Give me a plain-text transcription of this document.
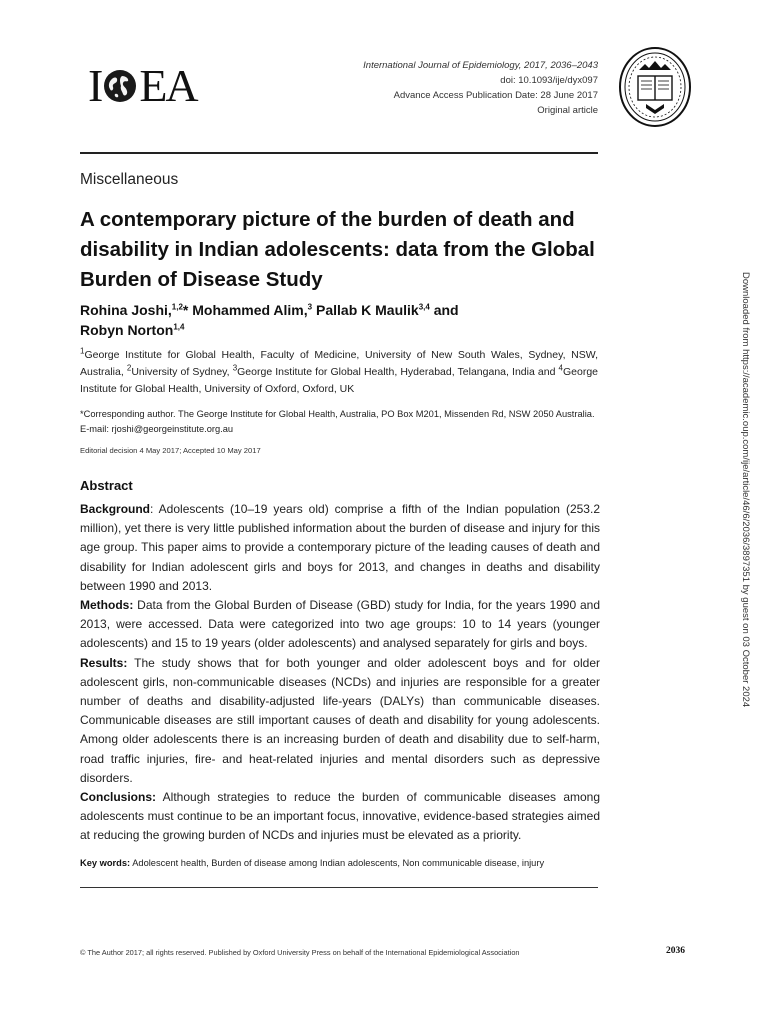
I EA	International Journal of Epidemiology, 2017, 2036–2043
doi: 10.1093/ije/dyx097
Advance Access Publication Date: 28 June 2017
Original article
Miscellaneous
A contemporary picture of the burden of death and disability in Indian adolescents: data from the Global Burden of Disease Study
Rohina Joshi,$^{1,2}$* Mohammed Alim,$^3$ Pallab K Maulik$^{3,4}$ and
Robyn Norton$^{1,4}$
$^1$George Institute for Global Health, Faculty of Medicine, University of New South Wales, Sydney, NSW, Australia, $^2$University of Sydney, $^3$George Institute for Global Health, Hyderabad, Telangana, India and $^4$George Institute for Global Health, University of Oxford, Oxford, UK
*Corresponding author. The George Institute for Global Health, Australia, PO Box M201, Missenden Rd, NSW 2050 Australia. E-mail: rjoshi@georgeinstitute.org.au
Editorial decision 4 May 2017; Accepted 10 May 2017
Abstract

Background: Adolescents (10–19 years old) comprise a fifth of the Indian population (253.2 million), yet there is very little published information about the burden of disease and injury for this age group. This paper aims to provide a contemporary picture of the leading causes of death and disability for Indian adolescent girls and boys for 2013, and changes in deaths and disability between 1990 and 2013.

Methods: Data from the Global Burden of Disease (GBD) study for India, for the years 1990 and 2013, were accessed. Data were categorized into two age groups: 10 to 14 years (younger adolescents) and 15 to 19 years (older adolescents) and analysed separately for girls and boys.

Results: The study shows that for both younger and older adolescent boys and for older adolescent girls, non-communicable diseases (NCDs) and injuries are responsible for a greater number of deaths and disability-adjusted life-years (DALYs) than communicable diseases. Communicable diseases are still important causes of death and disability for young adolescents. Among older adolescents there is an increasing burden of death and disability due to self-harm, road traffic injuries, fire- and heat-related injuries and mental disorders such as depressive disorders.

Conclusions: Although strategies to reduce the burden of communicable diseases among adolescents must continue to be an important focus, innovative, evidence-based strategies aimed at reducing the growing burden of NCDs and injuries must be elevated as a priority.

Key words: Adolescent health, Burden of disease among Indian adolescents, Non communicable disease, injury
© The Author 2017; all rights reserved. Published by Oxford University Press on behalf of the International Epidemiological Association	2036
Downloaded from https://academic.oup.com/ije/article/46/6/2036/3897351 by guest on 03 October 2024
